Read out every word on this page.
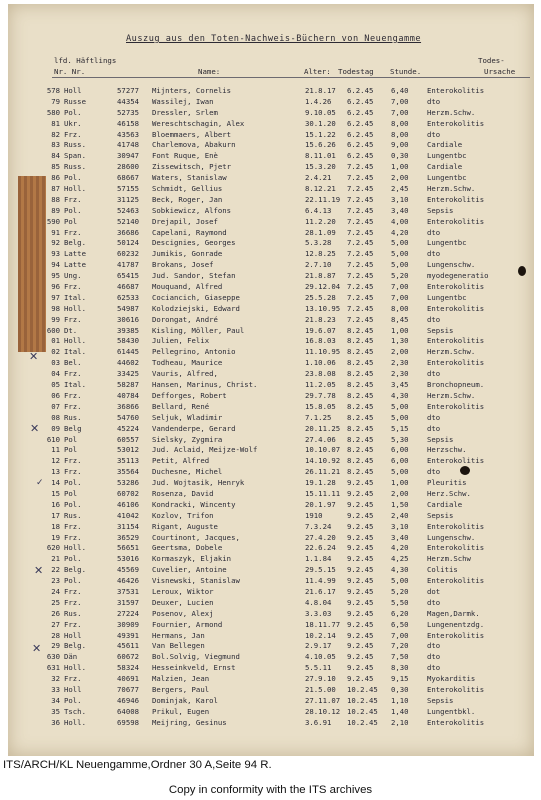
Auszug aus den Toten-Nachweis-Büchern von Neuengamme
lfd. Häftlings
Nr. Nr.	Name:	Alter: Todestag Stunde.
Todes-
Ursache
578 Holl	57277 Mijnters, Cornelis	21.8.17 6.2.45 6,40	Enterokolitis
79 Russe	44354 Wassilej, Iwan	1.4.26 6.2.45 7,00	dto
580 Pol.	52735 Dressler, Srlem	9.10.05 6.2.45 7,00	Herzm.Schw.
81 Ukr.	46158 Wereschtschagin, Alex	30.1.20 6.2.45 8,00	Enterokolitis
82 Frz.	43563 Bloemmaers, Albert	15.1.22 6.2.45 8,00	dto
83 Russ.	41748 Charlemova, Abakurn	15.6.26 6.2.45 9,00	Cardiale
84 Span.	30947 Font Ruque, Enè	8.11.01 6.2.45 0,30	Lungentbc
85 Russ.	28600 Zissewitsch, Pjetr	15.3.20 7.2.45 1,00	Cardiale
86 Pol.	68667 Waters, Stanislaw	2.4.21 7.2.45 2,00	Lungentbc
87 Holl.	57155 Schmidt, Gellius	8.12.21 7.2.45 2,45	Herzm.Schw.
88 Frz.	31125 Beck, Roger, Jan	22.11.19 7.2.45 3,10	Enterokolitis
89 Pol.	52463 Sobkiewicz, Alfons	6.4.13 7.2.45 3,40	Sepsis
590 Pol	52140 Drejapil, Josef	11.2.20 7.2.45 4,00	Enterokolitis
91 Frz.	36686 Capelani, Raymond	28.1.09 7.2.45 4,20	dto
92 Belg.	50124 Descignies, Georges	5.3.28 7.2.45 5,00	Lungentbc
93 Latte	60232 Jumikis, Gonrade	12.8.25 7.2.45 5,00	dto
94 Latte	41787 Brokans, Josef	2.7.10 7.2.45 5,00	Lungenschw.
95 Ung.	65415 Jud. Sandor, Stefan	21.8.87 7.2.45 5,20	myodegeneratio
96 Frz.	46687 Mouquand, Alfred	29.12.04 7.2.45 7,00	Enterokolitis
97 Ital.	62533 Cociancich, Giaseppe	25.5.28 7.2.45 7,00	Lungentbc
98 Holl.	54987 Kolodziejski, Edward	13.10.95 7.2.45 8,00	Enterokolitis
99 Frz.	30616 Dorongat, André	21.8.23 7.2.45 8,45	dto
600 Dt.	39385 Kisling, Möller, Paul	19.6.07 8.2.45 1,00	Sepsis
01 Holl.	58430 Julien, Felix	16.8.03 8.2.45 1,30	Enterokolitis
02 Ital.	61445 Pellegrino, Antonio	11.10.95 8.2.45 2,00	Herzm.Schw.
03 Bel.	44602 Todheau, Maurice	1.10.06 8.2.45 2,30	Enterokolitis
04 Frz.	33425 Vauris, Alfred,	23.8.08 8.2.45 2,30	dto
05 Ital.	58287 Hansen, Marinus, Christ.	11.2.05 8.2.45 3,45	Bronchopneum.
06 Frz.	40784 Defforges, Robert	29.7.78 8.2.45 4,30	Herzm.Schw.
07 Frz.	36866 Bellard, René	15.8.05 8.2.45 5,00	Enterokolitis
08 Rus.	54760 Seljuk, Wladimir	7.1.25 8.2.45 5,00	dto
09 Belg	45224 Vandenderpe, Gerard	20.11.25 8.2.45 5,15	dto
610 Pol	60557 Sielsky, Zygmira	27.4.06 8.2.45 5,30	Sepsis
11 Pol	53012 Jud. Aclaid, Meijze-Wolf	10.10.07 8.2.45 6,00	Herzschw.
12 Frz.	35113 Petit, Alfred	14.10.92 8.2.45 6,00	Enterokolitis
13 Frz.	35564 Duchesne, Michel	26.11.21 8.2.45 5,00	dto
14 Pol.	53286 Jud. Wojtasik, Henryk	19.1.28 9.2.45 1,00	Pleuritis
15 Pol	60702 Rosenza, David	15.11.11 9.2.45 2,00	Herz.Schw.
16 Pol.	46106 Kondracki, Wincenty	20.1.97 9.2.45 1,50	Cardiale
17 Rus.	41042 Kozlov, Trifon	1910	9.2.45 2,40	Sepsis
18 Frz.	31154 Rigant, Auguste	7.3.24 9.2.45 3,10	Enterokolitis
19 Frz.	36529 Courtinont, Jacques,	27.4.20 9.2.45 3,40	Lungenschw.
620 Holl.	56651 Geertsma, Dobele	22.6.24 9.2.45 4,20	Enterokolitis
21 Pol.	53016 Kormaszyk, Eljakin	1.1.84 9.2.45 4,25	Herzm.Schw
22 Belg.	45569 Cuvelier, Antoine	29.5.15 9.2.45 4,30	Colitis
23 Pol.	46426 Visnewski, Stanislaw	11.4.99 9.2.45 5,00	Enterokolitis
24 Frz.	37531 Leroux, Wiktor	21.6.17 9.2.45 5,20	dot
25 Frz.	31597 Deuxer, Lucien	4.8.04 9.2.45 5,50	dto
26 Rus.	27224 Posenov, Alexj	3.3.03 9.2.45 6,20	Magen,Darmk.
27 Frz.	30909 Fournier, Armond	18.11.77 9.2.45 6,50	Lungenentzdg.
28 Holl	49391 Hermans, Jan	10.2.14 9.2.45 7,00	Enterokolitis
29 Belg.	45611 Van Bellegen	2.9.17 9.2.45 7,20	dto
630 Dän	60672 Bol.Solvig, Viegmund	4.10.05 9.2.45 7,50	dto
631 Holl.	58324 Hesseinkveld, Ernst	5.5.11 9.2.45 8,30	dto
32 Frz.	40691 Malzien, Jean	27.9.10 9.2.45 9,15	Myokarditis
33 Holl	70677 Bergers, Paul	21.5.00 10.2.45 0,30	Enterokolitis
34 Pol.	46946 Dominjak, Karol	27.11.07 10.2.45 1,10	Sepsis
35 Tsch.	64008 Prikul, Eugen	28.10.12 10.2.45 1,40	Lungentbkl.
36 Holl.	69598 Meijring, Gesinus	3.6.91 10.2.45 2,10	Enterokolitis
✕
✕
✕
✕
✓
ITS/ARCH/KL Neuengamme,Ordner 30 A,Seite 94 R.
Copy in conformity with the ITS archives
